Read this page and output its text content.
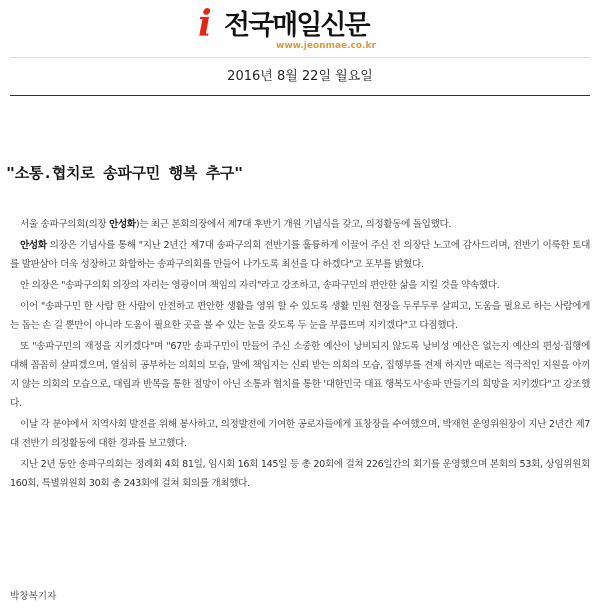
i 전국매일신문
www.jeonmae.co.kr
2016년 8월 22일 월요일
"소통.협치로 송파구민 행복 추구"

서울 송파구의회(의장 안성화)는 최근 본회의장에서 제7대 후반기 개원 기념식을 갖고, 의정활동에 돌입했다.

안성화 의장은 기념사를 통해 "지난 2년간 제7대 송파구의회 전반기를 훌륭하게 이끌어 주신 전 의장단 노고에 감사드리며, 전반기 이룩한 토대를 발판삼아 더욱 성장하고 화합하는 송파구의회를 만들어 나가도록 최선을 다 하겠다"고 포부를 밝혔다.

안 의장은 "송파구의회 의장의 자리는 영광이며 책임의 자리"라고 강조하고, 송파구민의 편안한 삶을 지킬 것을 약속했다.

이어 "송파구민 한 사람 한 사람이 안전하고 편안한 생활을 영위 할 수 있도록 생활 민원 현장을 두루두루 살피고, 도움을 필요로 하는 사람에게는 돕는 손 길 뿐만이 아니라 도움이 필요한 곳을 볼 수 있는 눈을 갖도록 두 눈을 부릅뜨며 지키겠다"고 다짐했다.

또 "송파구민의 재정을 지키겠다"며 "67만 송파구민이 만들어 주신 소중한 예산이 낭비되지 않도록 낭비성 예산은 없는지 예산의 편성·집행에 대해 꼼꼼히 살피겠으며, 열심히 공부하는 의회의 모습, 말에 책임지는 신뢰 받는 의회의 모습, 집행부를 견제 하지만 때로는 적극적인 지원을 아끼지 않는 의회의 모습으로, 대립과 반목을 통한 절망이 아닌 소통과 협치를 통한 '대한민국 대표 행복도시'송파 만들기의 희망을 지키겠다"고 강조했다.

이날 각 분야에서 지역사회 발전을 위해 봉사하고, 의정발전에 기여한 공로자들에게 표창장을 수여했으며, 박재현 운영위원장이 지난 2년간 제7대 전반기 의정활동에 대한 경과를 보고했다.

지난 2년 동안 송파구의회는 정례회 4회 81일, 임시회 16회 145일 등 총 20회에 걸쳐 226일간의 회기를 운영했으며 본회의 53회, 상임위원회 160회, 특별위원회 30회 총 243회에 걸쳐 회의를 개최했다.

박창복기자
